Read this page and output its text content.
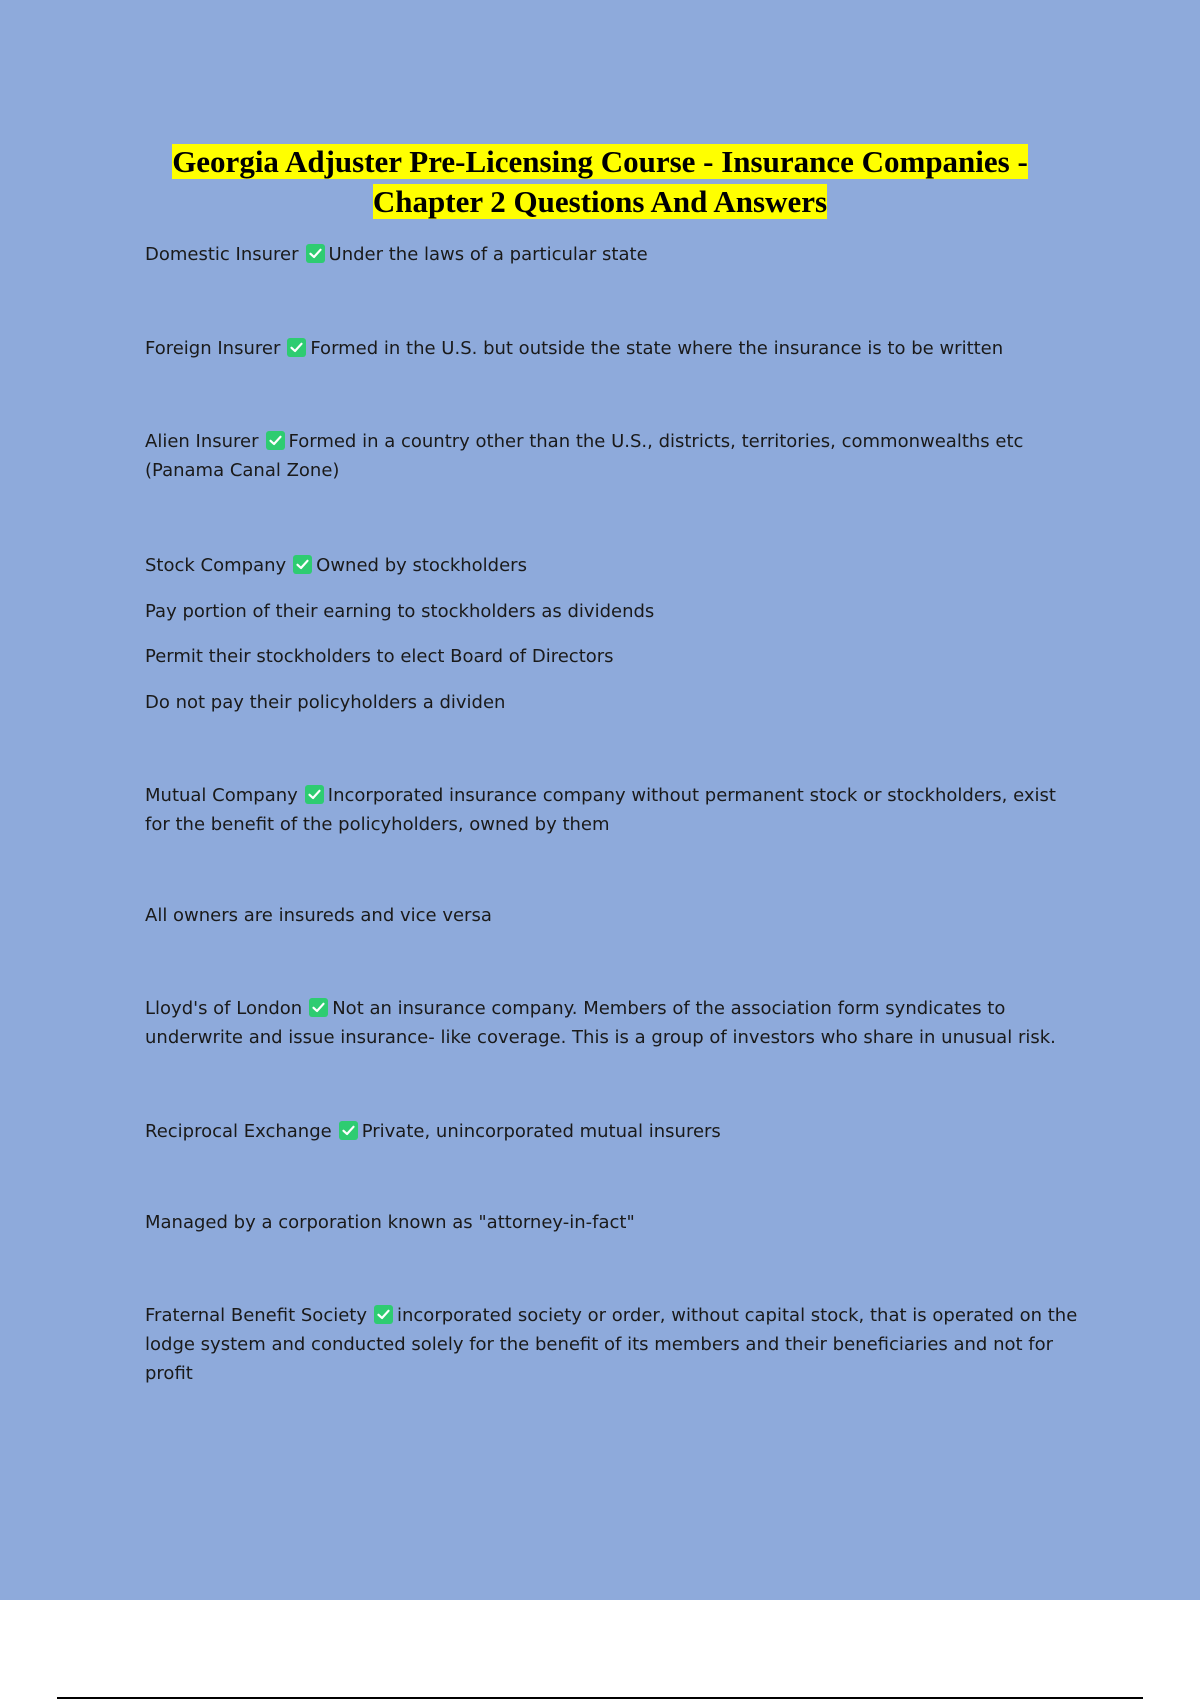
Georgia Adjuster Pre-Licensing Course - Insurance Companies -
Chapter 2 Questions And Answers

Domestic Insurer Under the laws of a particular state

Foreign Insurer Formed in the U.S. but outside the state where the insurance is to be written

Alien Insurer Formed in a country other than the U.S., districts, territories, commonwealths etc (Panama Canal Zone)

Stock Company Owned by stockholders

Pay portion of their earning to stockholders as dividends

Permit their stockholders to elect Board of Directors

Do not pay their policyholders a dividen

Mutual Company Incorporated insurance company without permanent stock or stockholders, exist for the benefit of the policyholders, owned by them

All owners are insureds and vice versa

Lloyd's of London Not an insurance company. Members of the association form syndicates to underwrite and issue insurance- like coverage. This is a group of investors who share in unusual risk.

Reciprocal Exchange Private, unincorporated mutual insurers

Managed by a corporation known as "attorney-in-fact"

Fraternal Benefit Society incorporated society or order, without capital stock, that is operated on the lodge system and conducted solely for the benefit of its members and their beneficiaries and not for profit
